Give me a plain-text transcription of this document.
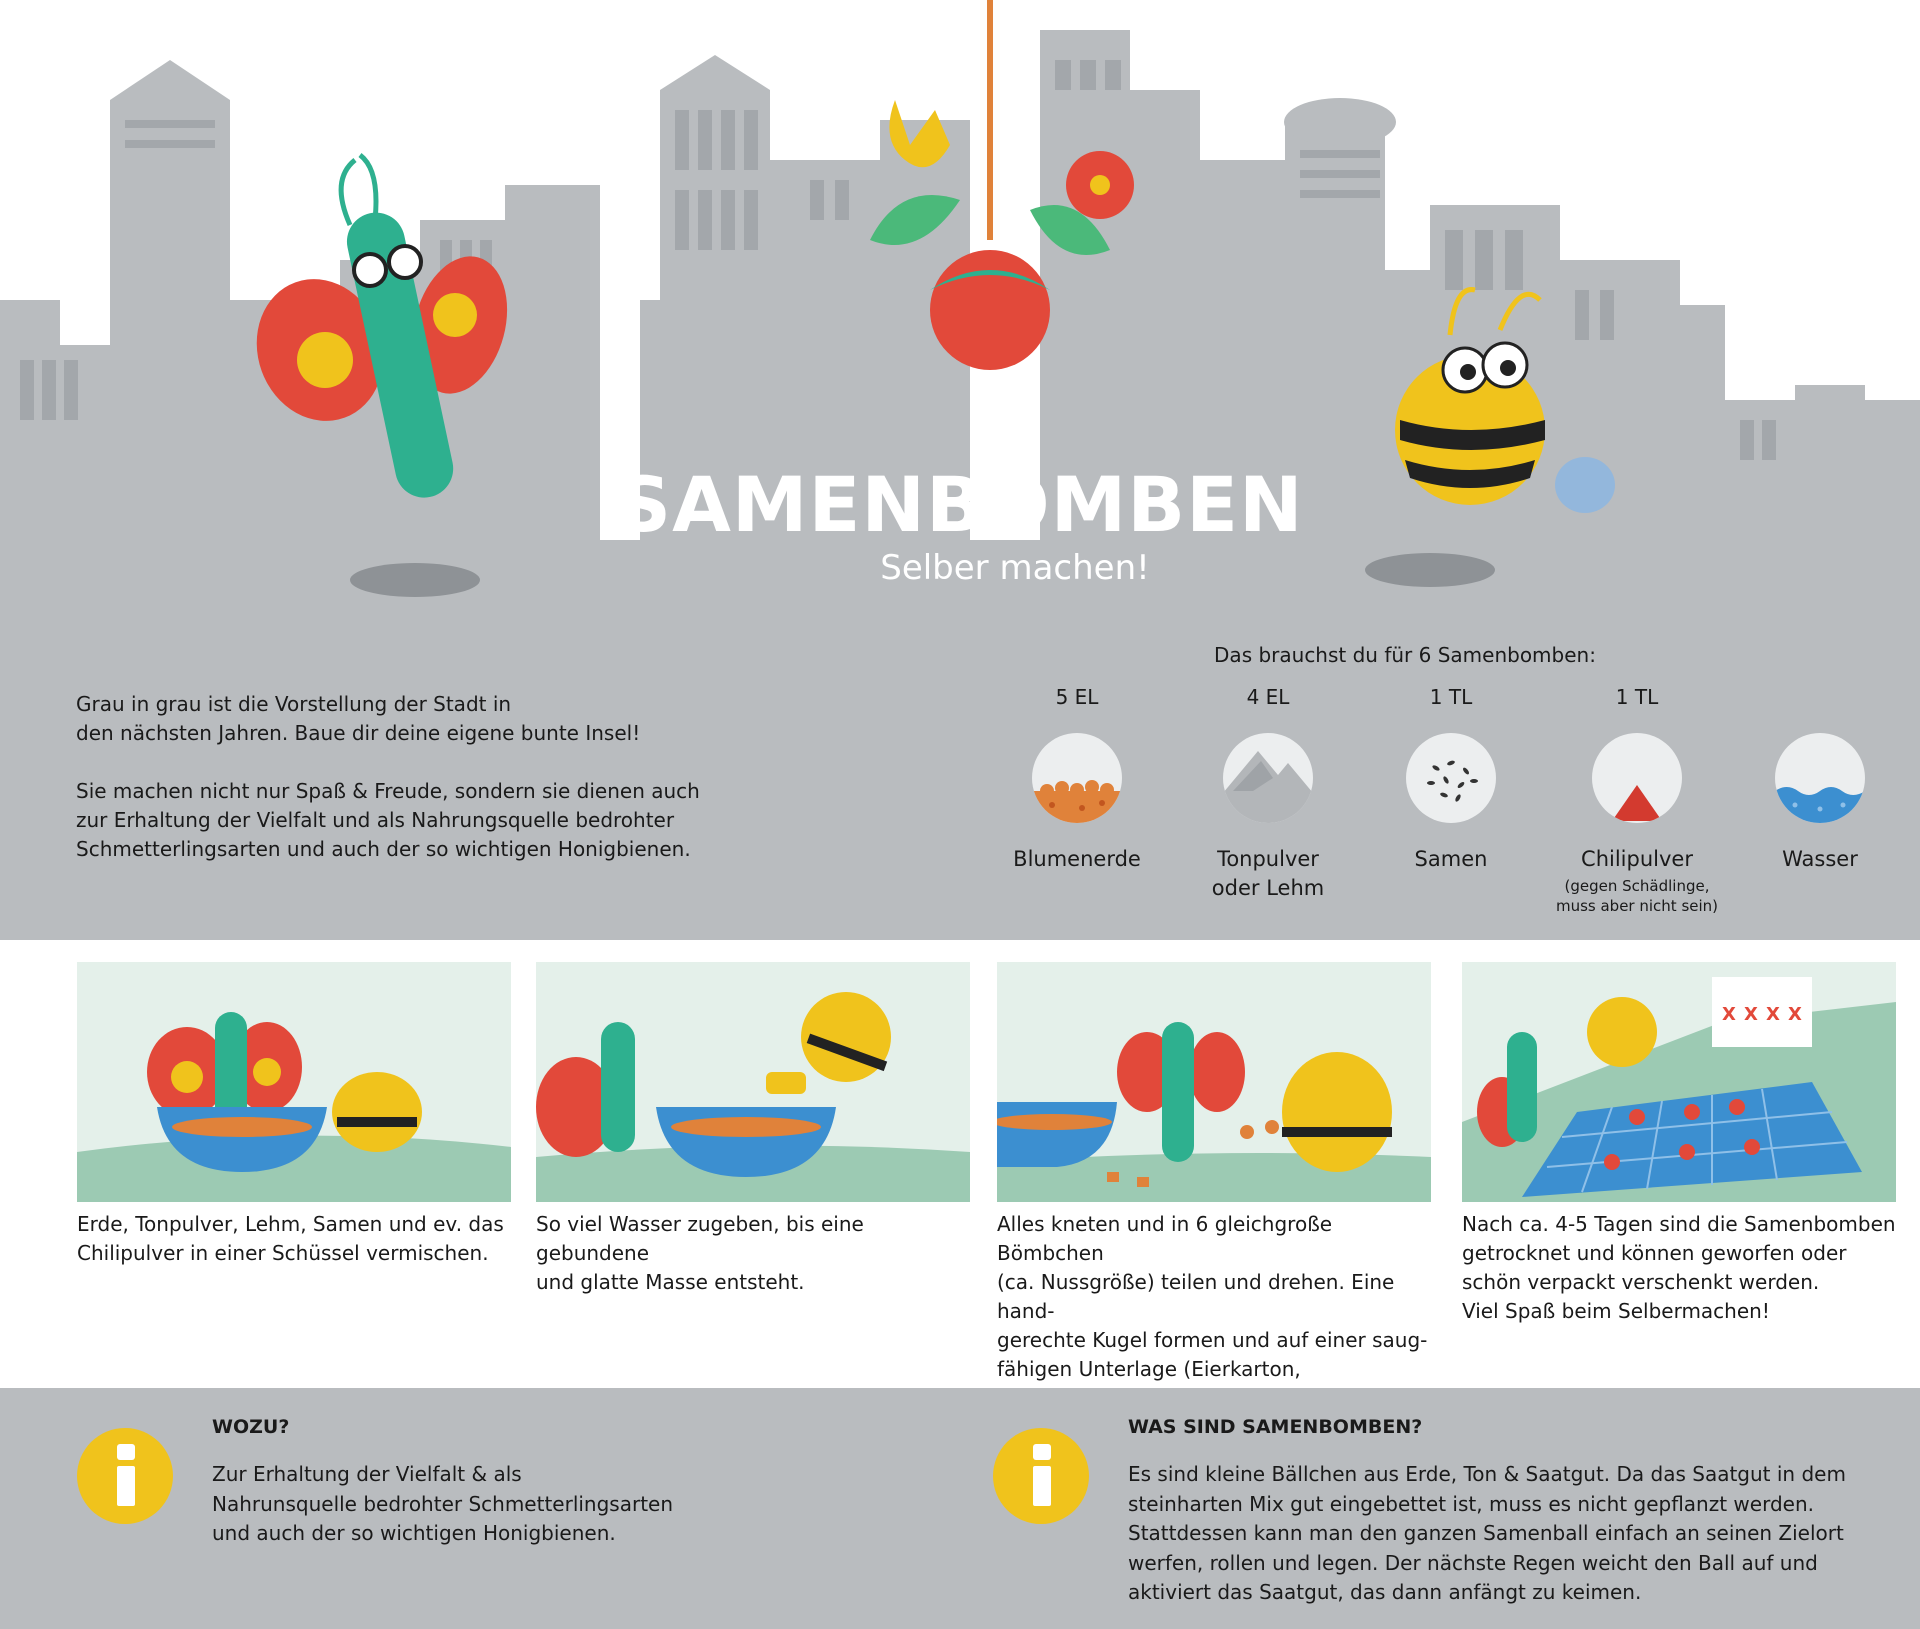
SAMENBOMBEN
Selber machen!

Grau in grau ist die Vorstellung der Stadt in
den nächsten Jahren. Baue dir deine eigene bunte Insel!

Sie machen nicht nur Spaß & Freude, sondern sie dienen auch
zur Erhaltung der Vielfalt und als Nahrungsquelle bedrohter
Schmetterlingsarten und auch der so wichtigen Honigbienen.

Das brauchst du für 6 Samenbomben:
5 EL
Blumenerde
4 EL
Tonpulver
oder Lehm
1 TL
Samen
1 TL
Chilipulver
(gegen Schädlinge,
muss aber nicht sein)
Wasser
Erde, Tonpulver, Lehm, Samen und ev. das
Chilipulver in einer Schüssel vermischen.
So viel Wasser zugeben, bis eine gebundene
und glatte Masse entsteht.
Alles kneten und in 6 gleichgroße Bömbchen
(ca. Nussgröße) teilen und drehen. Eine hand-
gerechte Kugel formen und auf einer saug-
fähigen Unterlage (Eierkarton,

X X X X
Nach ca. 4-5 Tagen sind die Samenbomben
getrocknet und können geworfen oder
schön verpackt verschenkt werden.
Viel Spaß beim Selbermachen!
WOZU?
Zur Erhaltung der Vielfalt & als
Nahrunsquelle bedrohter Schmetterlingsarten
und auch der so wichtigen Honigbienen.
WAS SIND SAMENBOMBEN?
Es sind kleine Bällchen aus Erde, Ton & Saatgut. Da das Saatgut in dem
steinharten Mix gut eingebettet ist, muss es nicht gepflanzt werden.
Stattdessen kann man den ganzen Samenball einfach an seinen Zielort
werfen, rollen und legen. Der nächste Regen weicht den Ball auf und
aktiviert das Saatgut, das dann anfängt zu keimen.
